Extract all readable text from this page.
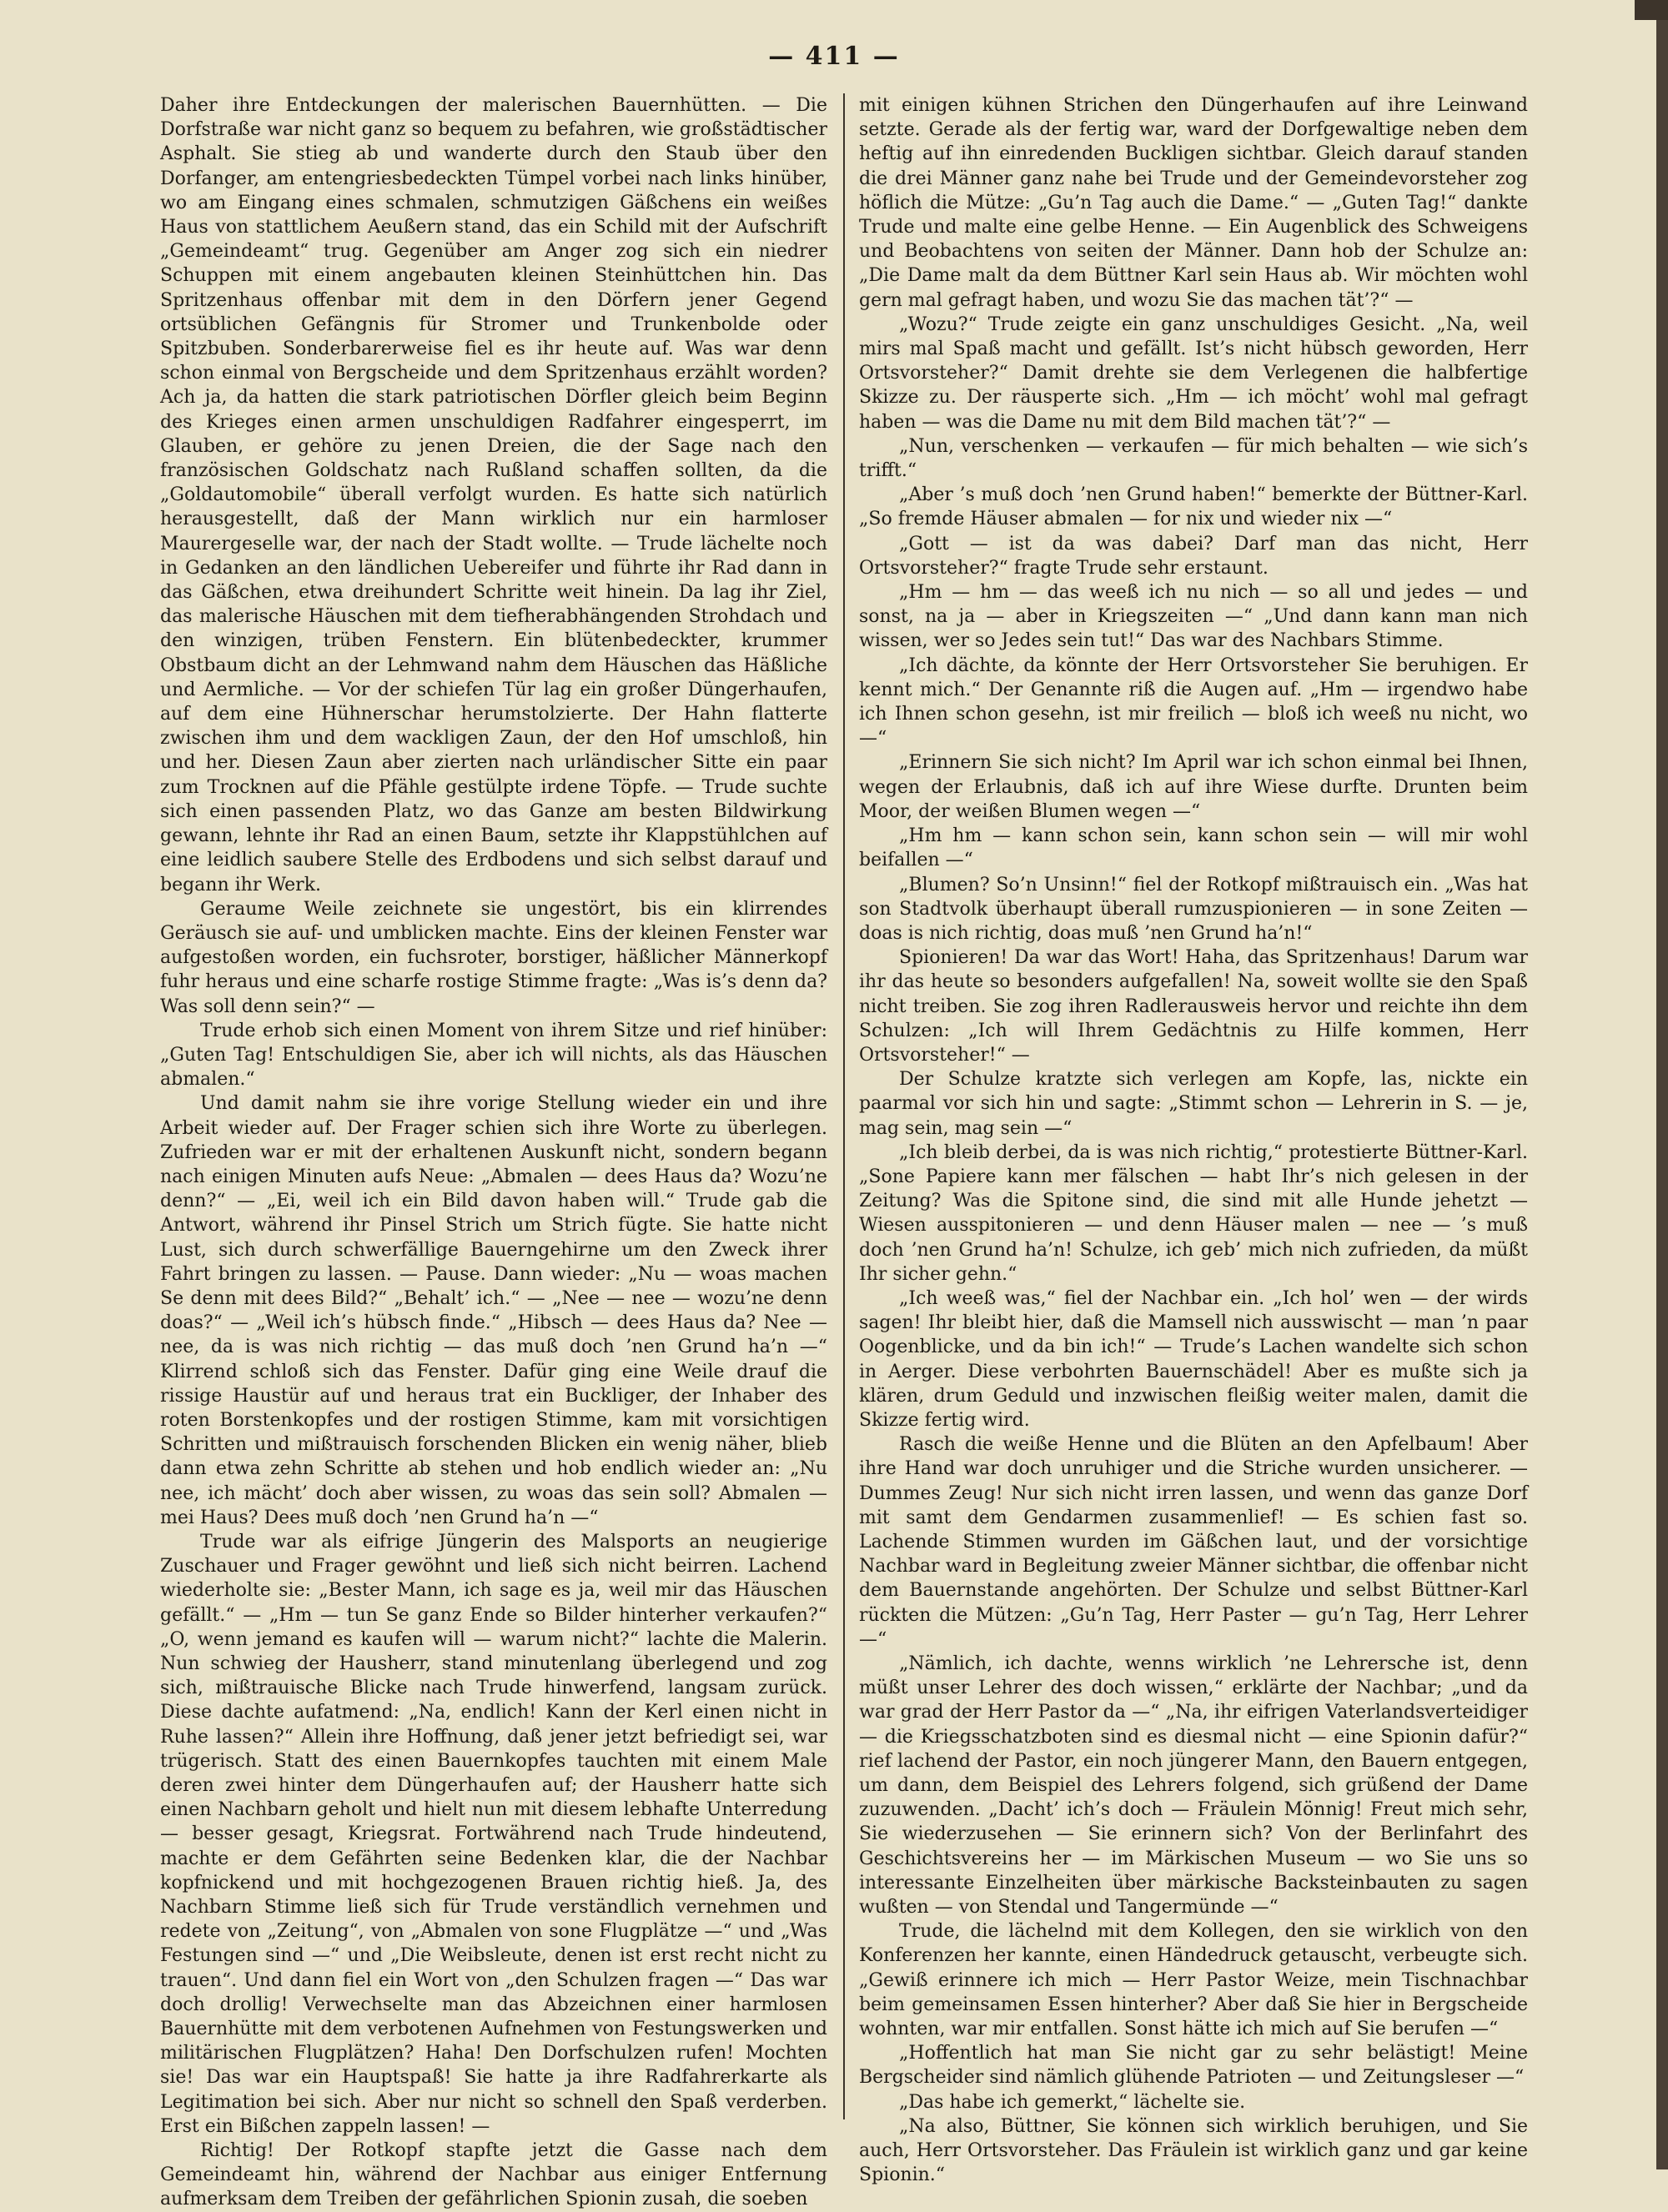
— 411 —

Daher ihre Entdeckungen der malerischen Bauernhütten. — Die Dorfstraße war nicht ganz so bequem zu befahren, wie großstädtischer Asphalt. Sie stieg ab und wanderte durch den Staub über den Dorfanger, am entengriesbedeckten Tümpel vorbei nach links hinüber, wo am Eingang eines schmalen, schmutzigen Gäßchens ein weißes Haus von stattlichem Aeußern stand, das ein Schild mit der Aufschrift „Gemeindeamt“ trug. Gegenüber am Anger zog sich ein niedrer Schuppen mit einem angebauten kleinen Steinhüttchen hin. Das Spritzenhaus offenbar mit dem in den Dörfern jener Gegend ortsüblichen Gefängnis für Stromer und Trunkenbolde oder Spitzbuben. Sonderbarerweise fiel es ihr heute auf. Was war denn schon einmal von Bergscheide und dem Spritzenhaus erzählt worden? Ach ja, da hatten die stark patriotischen Dörfler gleich beim Beginn des Krieges einen armen unschuldigen Radfahrer eingesperrt, im Glauben, er gehöre zu jenen Dreien, die der Sage nach den französischen Goldschatz nach Rußland schaffen sollten, da die „Goldautomobile“ überall verfolgt wurden. Es hatte sich natürlich herausgestellt, daß der Mann wirklich nur ein harmloser Maurergeselle war, der nach der Stadt wollte. — Trude lächelte noch in Gedanken an den ländlichen Uebereifer und führte ihr Rad dann in das Gäßchen, etwa dreihundert Schritte weit hinein. Da lag ihr Ziel, das malerische Häuschen mit dem tiefherabhängenden Strohdach und den winzigen, trüben Fenstern. Ein blütenbedeckter, krummer Obstbaum dicht an der Lehmwand nahm dem Häuschen das Häßliche und Aermliche. — Vor der schiefen Tür lag ein großer Düngerhaufen, auf dem eine Hühnerschar herumstolzierte. Der Hahn flatterte zwischen ihm und dem wackligen Zaun, der den Hof umschloß, hin und her. Diesen Zaun aber zierten nach urländischer Sitte ein paar zum Trocknen auf die Pfähle gestülpte irdene Töpfe. — Trude suchte sich einen passenden Platz, wo das Ganze am besten Bildwirkung gewann, lehnte ihr Rad an einen Baum, setzte ihr Klappstühlchen auf eine leidlich saubere Stelle des Erdbodens und sich selbst darauf und begann ihr Werk.

Geraume Weile zeichnete sie ungestört, bis ein klirrendes Geräusch sie auf- und umblicken machte. Eins der kleinen Fenster war aufgestoßen worden, ein fuchsroter, borstiger, häßlicher Männerkopf fuhr heraus und eine scharfe rostige Stimme fragte: „Was is’s denn da? Was soll denn sein?“ —

Trude erhob sich einen Moment von ihrem Sitze und rief hinüber: „Guten Tag! Entschuldigen Sie, aber ich will nichts, als das Häuschen abmalen.“

Und damit nahm sie ihre vorige Stellung wieder ein und ihre Arbeit wieder auf. Der Frager schien sich ihre Worte zu überlegen. Zufrieden war er mit der erhaltenen Auskunft nicht, sondern begann nach einigen Minuten aufs Neue: „Abmalen — dees Haus da? Wozu’ne denn?“ — „Ei, weil ich ein Bild davon haben will.“ Trude gab die Antwort, während ihr Pinsel Strich um Strich fügte. Sie hatte nicht Lust, sich durch schwerfällige Bauerngehirne um den Zweck ihrer Fahrt bringen zu lassen. — Pause. Dann wieder: „Nu — woas machen Se denn mit dees Bild?“ „Behalt’ ich.“ — „Nee — nee — wozu’ne denn doas?“ — „Weil ich’s hübsch finde.“ „Hibsch — dees Haus da? Nee — nee, da is was nich richtig — das muß doch ’nen Grund ha’n —“ Klirrend schloß sich das Fenster. Dafür ging eine Weile drauf die rissige Haustür auf und heraus trat ein Buckliger, der Inhaber des roten Borstenkopfes und der rostigen Stimme, kam mit vorsichtigen Schritten und mißtrauisch forschenden Blicken ein wenig näher, blieb dann etwa zehn Schritte ab stehen und hob endlich wieder an: „Nu nee, ich mächt’ doch aber wissen, zu woas das sein soll? Abmalen — mei Haus? Dees muß doch ’nen Grund ha’n —“

Trude war als eifrige Jüngerin des Malsports an neugierige Zuschauer und Frager gewöhnt und ließ sich nicht beirren. Lachend wiederholte sie: „Bester Mann, ich sage es ja, weil mir das Häuschen gefällt.“ — „Hm — tun Se ganz Ende so Bilder hinterher verkaufen?“ „O, wenn jemand es kaufen will — warum nicht?“ lachte die Malerin. Nun schwieg der Hausherr, stand minutenlang überlegend und zog sich, mißtrauische Blicke nach Trude hinwerfend, langsam zurück. Diese dachte aufatmend: „Na, endlich! Kann der Kerl einen nicht in Ruhe lassen?“ Allein ihre Hoffnung, daß jener jetzt befriedigt sei, war trügerisch. Statt des einen Bauernkopfes tauchten mit einem Male deren zwei hinter dem Düngerhaufen auf; der Hausherr hatte sich einen Nachbarn geholt und hielt nun mit diesem lebhafte Unterredung — besser gesagt, Kriegsrat. Fortwährend nach Trude hindeutend, machte er dem Gefährten seine Bedenken klar, die der Nachbar kopfnickend und mit hochgezogenen Brauen richtig hieß. Ja, des Nachbarn Stimme ließ sich für Trude verständlich vernehmen und redete von „Zeitung“, von „Abmalen von sone Flugplätze —“ und „Was Festungen sind —“ und „Die Weibsleute, denen ist erst recht nicht zu trauen“. Und dann fiel ein Wort von „den Schulzen fragen —“ Das war doch drollig! Verwechselte man das Abzeichnen einer harmlosen Bauernhütte mit dem verbotenen Aufnehmen von Festungswerken und militärischen Flugplätzen? Haha! Den Dorfschulzen rufen! Mochten sie! Das war ein Hauptspaß! Sie hatte ja ihre Radfahrerkarte als Legitimation bei sich. Aber nur nicht so schnell den Spaß verderben. Erst ein Bißchen zappeln lassen! —

Richtig! Der Rotkopf stapfte jetzt die Gasse nach dem Gemeindeamt hin, während der Nachbar aus einiger Entfernung aufmerksam dem Treiben der gefährlichen Spionin zusah, die soeben

mit einigen kühnen Strichen den Düngerhaufen auf ihre Leinwand setzte. Gerade als der fertig war, ward der Dorfgewaltige neben dem heftig auf ihn einredenden Buckligen sichtbar. Gleich darauf standen die drei Männer ganz nahe bei Trude und der Gemeindevorsteher zog höflich die Mütze: „Gu’n Tag auch die Dame.“ — „Guten Tag!“ dankte Trude und malte eine gelbe Henne. — Ein Augenblick des Schweigens und Beobachtens von seiten der Männer. Dann hob der Schulze an: „Die Dame malt da dem Büttner Karl sein Haus ab. Wir möchten wohl gern mal gefragt haben, und wozu Sie das machen tät’?“ —

„Wozu?“ Trude zeigte ein ganz unschuldiges Gesicht. „Na, weil mirs mal Spaß macht und gefällt. Ist’s nicht hübsch geworden, Herr Ortsvorsteher?“ Damit drehte sie dem Verlegenen die halbfertige Skizze zu. Der räusperte sich. „Hm — ich möcht’ wohl mal gefragt haben — was die Dame nu mit dem Bild machen tät’?“ —

„Nun, verschenken — verkaufen — für mich behalten — wie sich’s trifft.“

„Aber ’s muß doch ’nen Grund haben!“ bemerkte der Büttner-Karl. „So fremde Häuser abmalen — for nix und wieder nix —“

„Gott — ist da was dabei? Darf man das nicht, Herr Ortsvorsteher?“ fragte Trude sehr erstaunt.

„Hm — hm — das weeß ich nu nich — so all und jedes — und sonst, na ja — aber in Kriegszeiten —“ „Und dann kann man nich wissen, wer so Jedes sein tut!“ Das war des Nachbars Stimme.

„Ich dächte, da könnte der Herr Ortsvorsteher Sie beruhigen. Er kennt mich.“ Der Genannte riß die Augen auf. „Hm — irgendwo habe ich Ihnen schon gesehn, ist mir freilich — bloß ich weeß nu nicht, wo —“

„Erinnern Sie sich nicht? Im April war ich schon einmal bei Ihnen, wegen der Erlaubnis, daß ich auf ihre Wiese durfte. Drunten beim Moor, der weißen Blumen wegen —“

„Hm hm — kann schon sein, kann schon sein — will mir wohl beifallen —“

„Blumen? So’n Unsinn!“ fiel der Rotkopf mißtrauisch ein. „Was hat son Stadtvolk überhaupt überall rumzuspionieren — in sone Zeiten — doas is nich richtig, doas muß ’nen Grund ha’n!“

Spionieren! Da war das Wort! Haha, das Spritzenhaus! Darum war ihr das heute so besonders aufgefallen! Na, soweit wollte sie den Spaß nicht treiben. Sie zog ihren Radlerausweis hervor und reichte ihn dem Schulzen: „Ich will Ihrem Gedächtnis zu Hilfe kommen, Herr Ortsvorsteher!“ —

Der Schulze kratzte sich verlegen am Kopfe, las, nickte ein paarmal vor sich hin und sagte: „Stimmt schon — Lehrerin in S. — je, mag sein, mag sein —“

„Ich bleib derbei, da is was nich richtig,“ protestierte Büttner-Karl. „Sone Papiere kann mer fälschen — habt Ihr’s nich gelesen in der Zeitung? Was die Spitone sind, die sind mit alle Hunde jehetzt — Wiesen ausspitonieren — und denn Häuser malen — nee — ’s muß doch ’nen Grund ha’n! Schulze, ich geb’ mich nich zufrieden, da müßt Ihr sicher gehn.“

„Ich weeß was,“ fiel der Nachbar ein. „Ich hol’ wen — der wirds sagen! Ihr bleibt hier, daß die Mamsell nich ausswischt — man ’n paar Oogenblicke, und da bin ich!“ — Trude’s Lachen wandelte sich schon in Aerger. Diese verbohrten Bauernschädel! Aber es mußte sich ja klären, drum Geduld und inzwischen fleißig weiter malen, damit die Skizze fertig wird.

Rasch die weiße Henne und die Blüten an den Apfelbaum! Aber ihre Hand war doch unruhiger und die Striche wurden unsicherer. — Dummes Zeug! Nur sich nicht irren lassen, und wenn das ganze Dorf mit samt dem Gendarmen zusammenlief! — Es schien fast so. Lachende Stimmen wurden im Gäßchen laut, und der vorsichtige Nachbar ward in Begleitung zweier Männer sichtbar, die offenbar nicht dem Bauernstande angehörten. Der Schulze und selbst Büttner-Karl rückten die Mützen: „Gu’n Tag, Herr Paster — gu’n Tag, Herr Lehrer —“

„Nämlich, ich dachte, wenns wirklich ’ne Lehrersche ist, denn müßt unser Lehrer des doch wissen,“ erklärte der Nachbar; „und da war grad der Herr Pastor da —“ „Na, ihr eifrigen Vaterlandsverteidiger — die Kriegsschatzboten sind es diesmal nicht — eine Spionin dafür?“ rief lachend der Pastor, ein noch jüngerer Mann, den Bauern entgegen, um dann, dem Beispiel des Lehrers folgend, sich grüßend der Dame zuzuwenden. „Dacht’ ich’s doch — Fräulein Mönnig! Freut mich sehr, Sie wiederzusehen — Sie erinnern sich? Von der Berlinfahrt des Geschichtsvereins her — im Märkischen Museum — wo Sie uns so interessante Einzelheiten über märkische Backsteinbauten zu sagen wußten — von Stendal und Tangermünde —“

Trude, die lächelnd mit dem Kollegen, den sie wirklich von den Konferenzen her kannte, einen Händedruck getauscht, verbeugte sich. „Gewiß erinnere ich mich — Herr Pastor Weize, mein Tischnachbar beim gemeinsamen Essen hinterher? Aber daß Sie hier in Bergscheide wohnten, war mir entfallen. Sonst hätte ich mich auf Sie berufen —“

„Hoffentlich hat man Sie nicht gar zu sehr belästigt! Meine Bergscheider sind nämlich glühende Patrioten — und Zeitungsleser —“

„Das habe ich gemerkt,“ lächelte sie.

„Na also, Büttner, Sie können sich wirklich beruhigen, und Sie auch, Herr Ortsvorsteher. Das Fräulein ist wirklich ganz und gar keine Spionin.“
